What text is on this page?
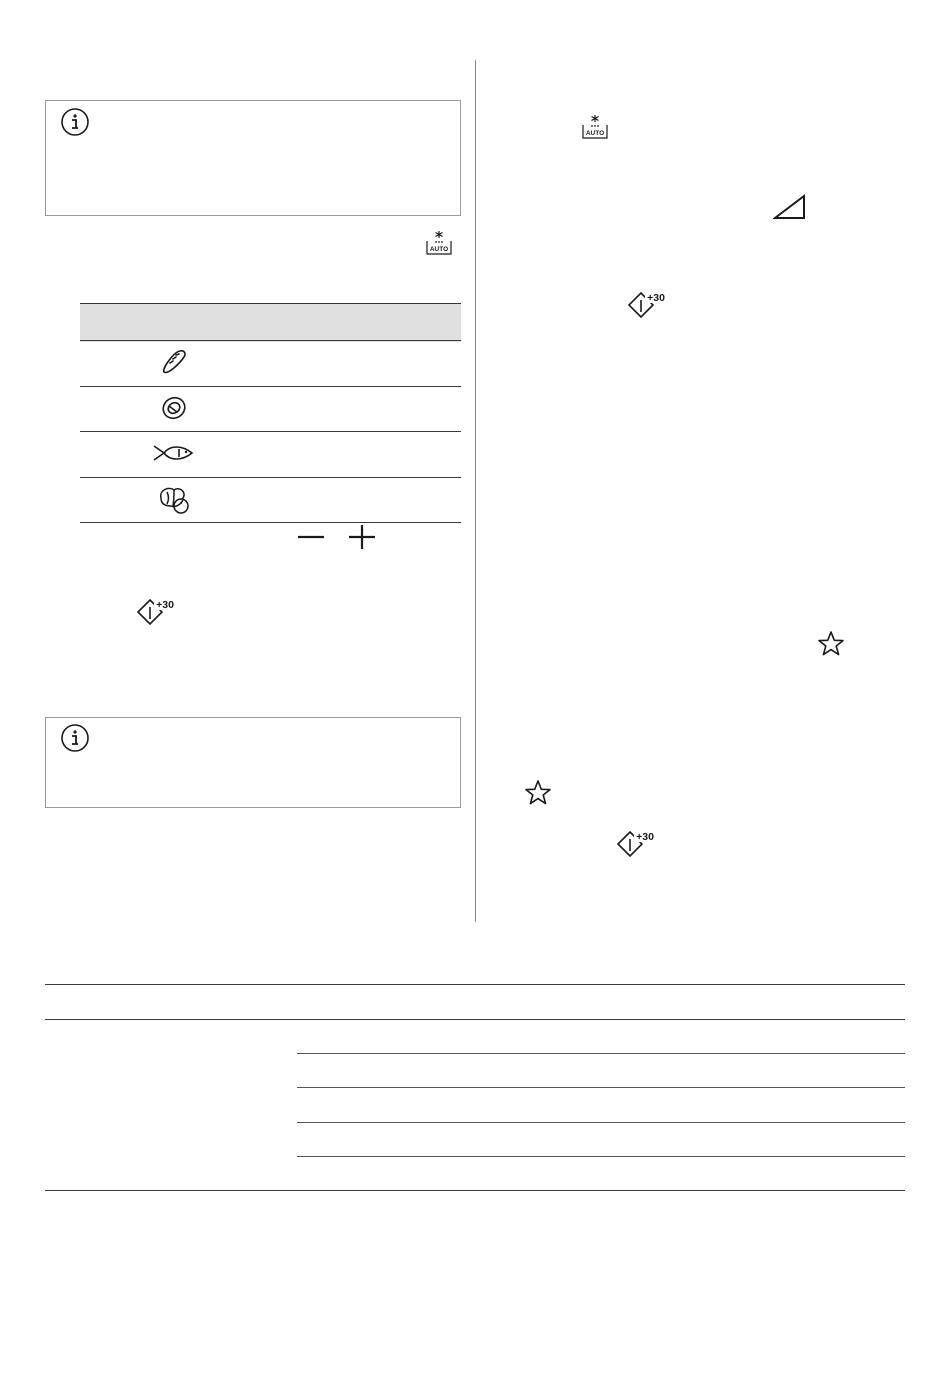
AUTO
+30
AUTO
+30
+30
